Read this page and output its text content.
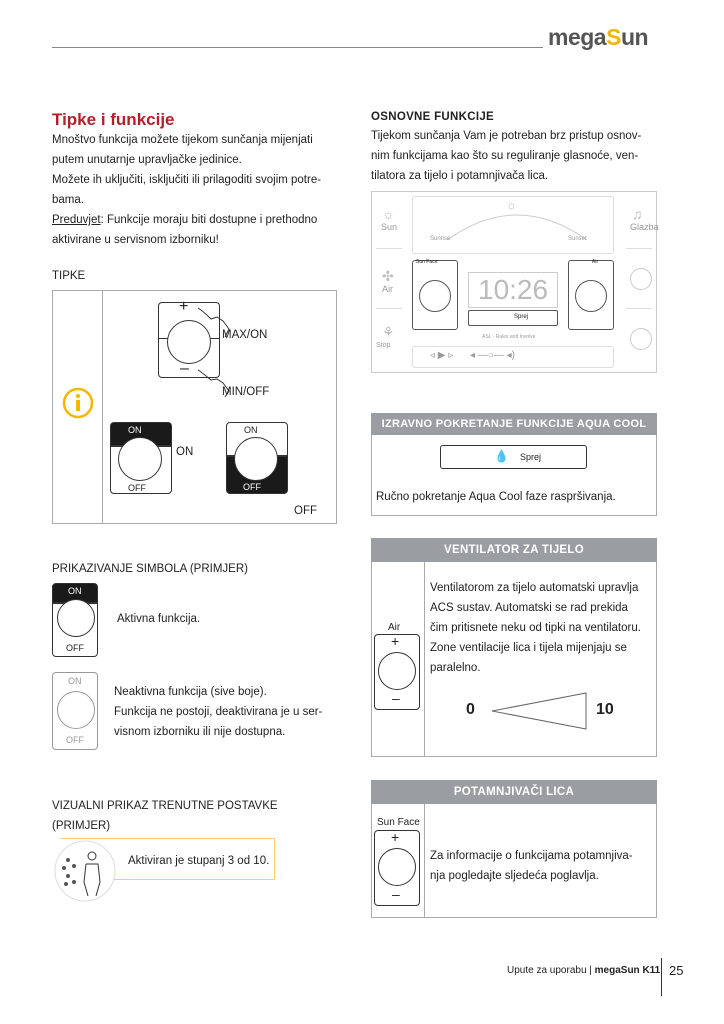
megaSun
Tipke i funkcije
Mnoštvo funkcija možete tijekom sunčanja mijenjati
putem unutarnje upravljačke jedinice.
Možete ih uključiti, isključiti ili prilagoditi svojim potre-
bama.
Preduvjet: Funkcije moraju biti dostupne i prethodno
aktivirane u servisnom izborniku!
TIPKE
+
–
MAX/ON
MIN/OFF
ON
OFF
ON
ON
OFF
OFF
PRIKAZIVANJE SIMBOLA (PRIMJER)
ON
OFF
Aktivna funkcija.
ON
OFF
Neaktivna funkcija (sive boje).
Funkcija ne postoji, deaktivirana je u ser-
visnom izborniku ili nije dostupna.
VIZUALNI PRIKAZ TRENUTNE POSTAVKE
(PRIMJER)
Aktiviran je stupanj 3 od 10.
OSNOVNE FUNKCIJE
Tijekom sunčanja Vam je potreban brz pristup osnov-
nim funkcijama kao što su reguliranje glasnoće, ven-
tilatora za tijelo i potamnjivača lica.
Sun
Air
Stop
Glazba
☼
✣
⚘
♫
☼
Sunrise	Sunset
Sun Face	Air
10:26
Sprej
ASL · Rules and Involve
◃ ▶ ▹      ◂ —○— ◂)
IZRAVNO POKRETANJE FUNKCIJE AQUA COOL
💧 Sprej
Ručno pokretanje Aqua Cool faze raspršivanja.
VENTILATOR ZA TIJELO
Air
+
–
Ventilatorom za tijelo automatski upravlja
ACS sustav. Automatski se rad prekida
čim pritisnete neku od tipki na ventilatoru.
Zone ventilacije lica i tijela mijenjaju se
paralelno.
0	10
POTAMNJIVAČI LICA
Sun Face
+
–
Za informacije o funkcijama potamnjiva-
nja pogledajte sljedeća poglavlja.
Upute za uporabu | megaSun K11 25
